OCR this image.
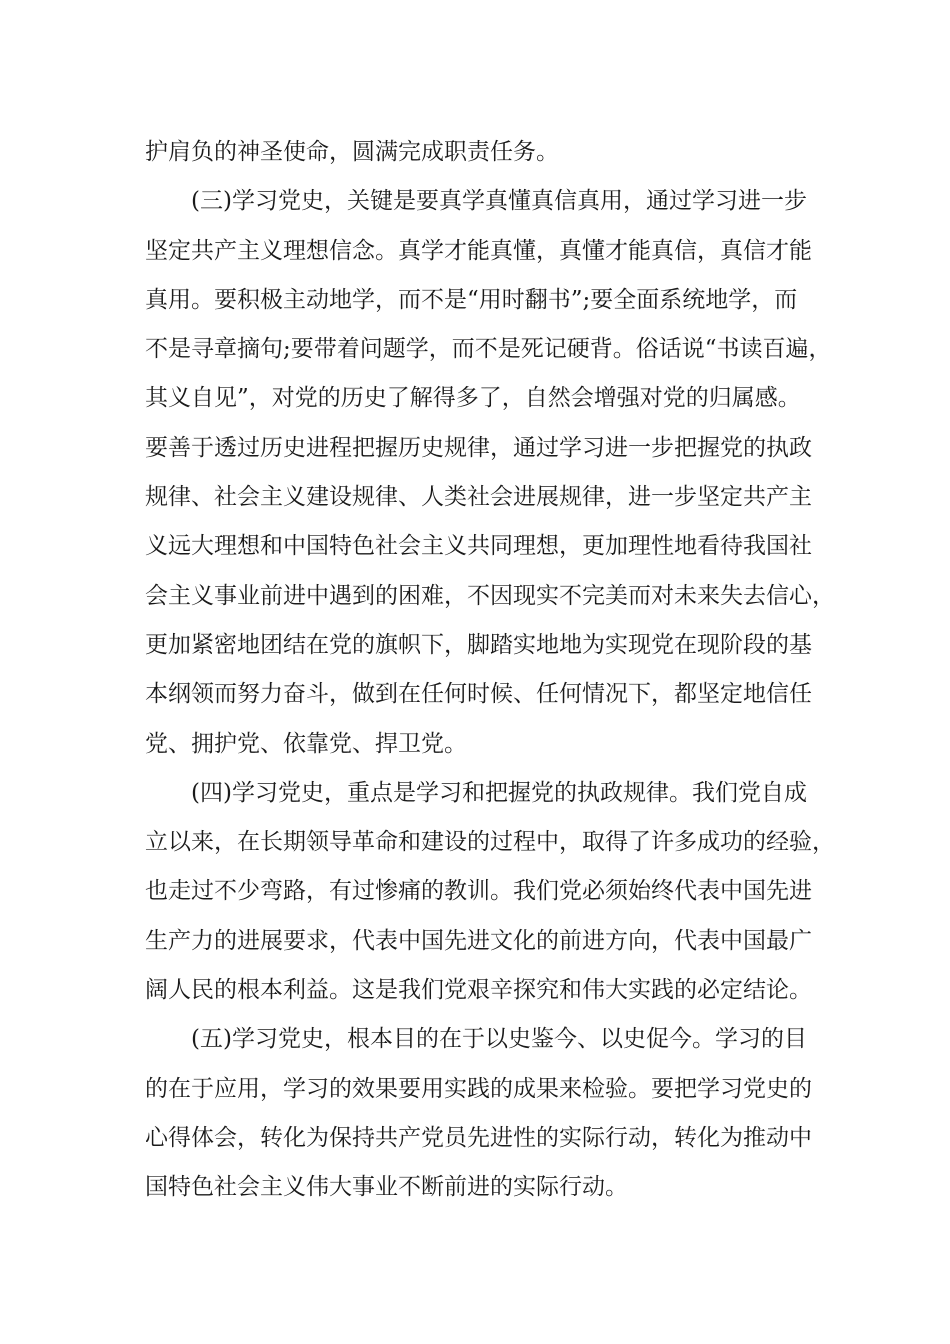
护肩负的神圣使命，圆满完成职责任务。
　　(三)学习党史，关键是要真学真懂真信真用，通过学习进一步
坚定共产主义理想信念。真学才能真懂，真懂才能真信，真信才能
真用。要积极主动地学，而不是“用时翻书”;要全面系统地学，而
不是寻章摘句;要带着问题学，而不是死记硬背。俗话说“书读百遍，
其义自见”，对党的历史了解得多了，自然会增强对党的归属感。
要善于透过历史进程把握历史规律，通过学习进一步把握党的执政
规律、社会主义建设规律、人类社会进展规律，进一步坚定共产主
义远大理想和中国特色社会主义共同理想，更加理性地看待我国社
会主义事业前进中遇到的困难，不因现实不完美而对未来失去信心，
更加紧密地团结在党的旗帜下，脚踏实地地为实现党在现阶段的基
本纲领而努力奋斗，做到在任何时候、任何情况下，都坚定地信任
党、拥护党、依靠党、捍卫党。
　　(四)学习党史，重点是学习和把握党的执政规律。我们党自成
立以来，在长期领导革命和建设的过程中，取得了许多成功的经验，
也走过不少弯路，有过惨痛的教训。我们党必须始终代表中国先进
生产力的进展要求，代表中国先进文化的前进方向，代表中国最广
阔人民的根本利益。这是我们党艰辛探究和伟大实践的必定结论。
　　(五)学习党史，根本目的在于以史鉴今、以史促今。学习的目
的在于应用，学习的效果要用实践的成果来检验。要把学习党史的
心得体会，转化为保持共产党员先进性的实际行动，转化为推动中
国特色社会主义伟大事业不断前进的实际行动。
